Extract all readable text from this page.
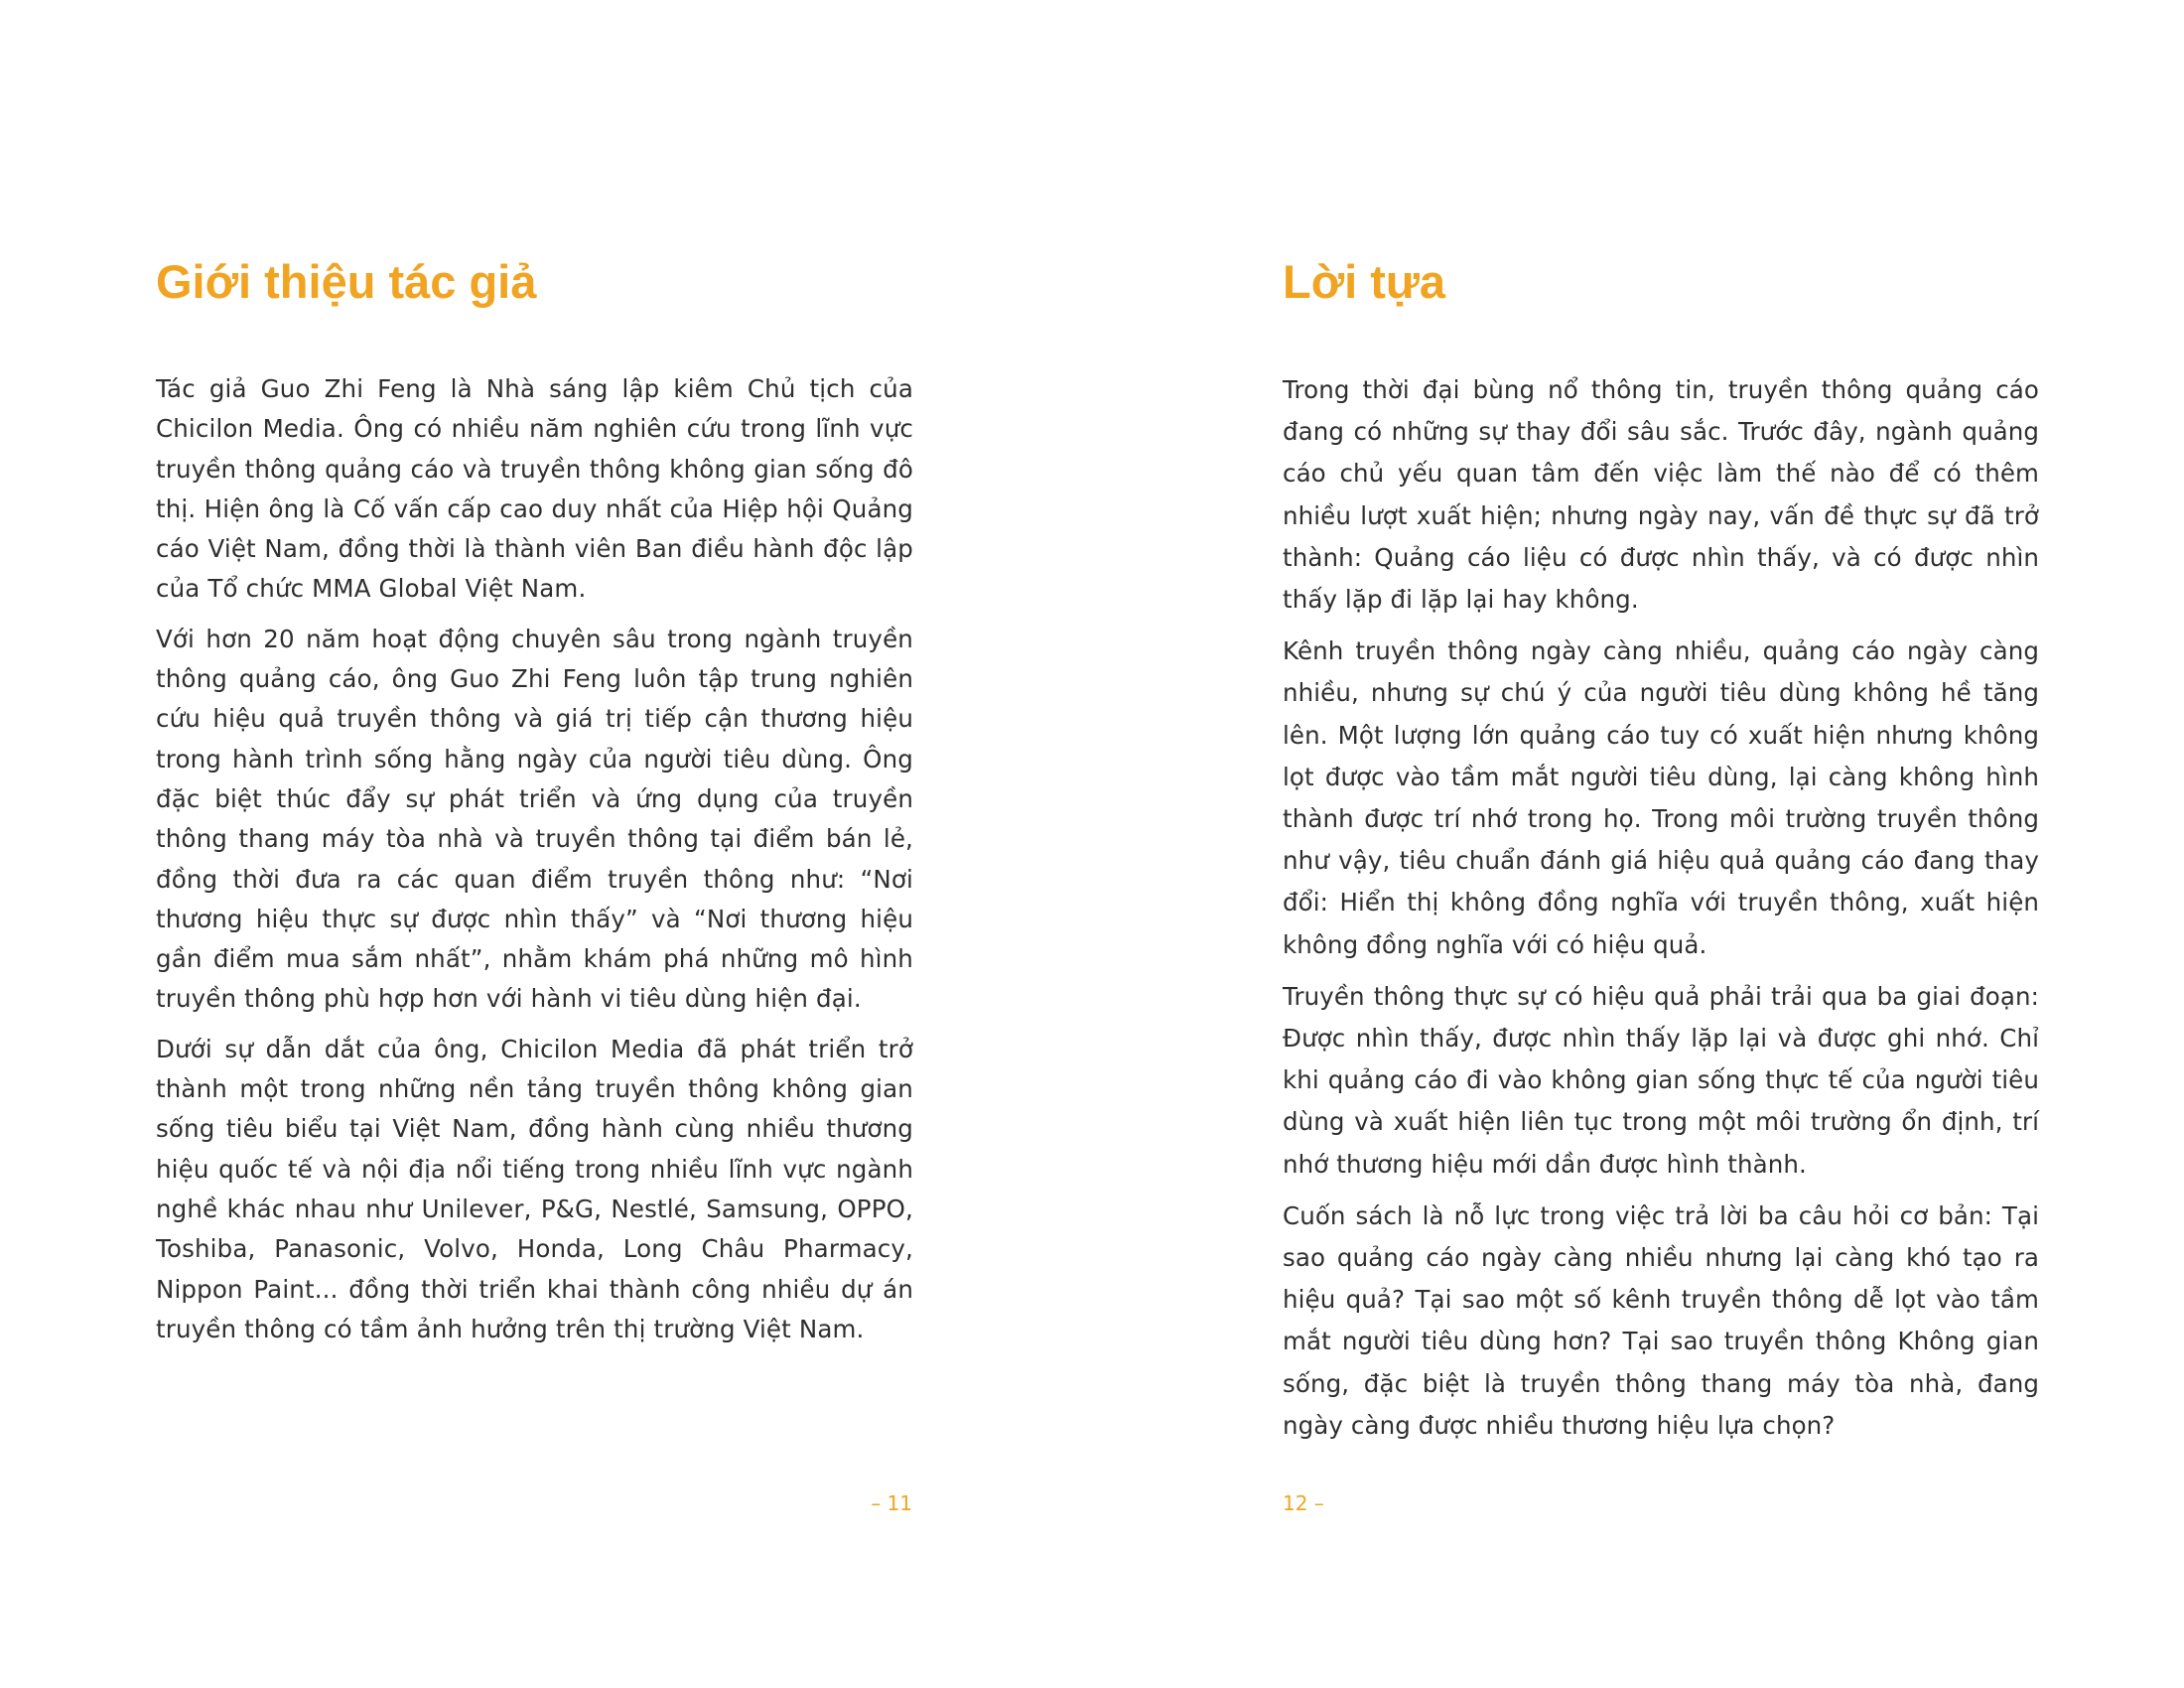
Giới thiệu tác giả

Tác giả Guo Zhi Feng là Nhà sáng lập kiêm Chủ tịch của Chicilon Media. Ông có nhiều năm nghiên cứu trong lĩnh vực truyền thông quảng cáo và truyền thông không gian sống đô thị. Hiện ông là Cố vấn cấp cao duy nhất của Hiệp hội Quảng cáo Việt Nam, đồng thời là thành viên Ban điều hành độc lập của Tổ chức MMA Global Việt Nam.

Với hơn 20 năm hoạt động chuyên sâu trong ngành truyền thông quảng cáo, ông Guo Zhi Feng luôn tập trung nghiên cứu hiệu quả truyền thông và giá trị tiếp cận thương hiệu trong hành trình sống hằng ngày của người tiêu dùng. Ông đặc biệt thúc đẩy sự phát triển và ứng dụng của truyền thông thang máy tòa nhà và truyền thông tại điểm bán lẻ, đồng thời đưa ra các quan điểm truyền thông như: “Nơi thương hiệu thực sự được nhìn thấy” và “Nơi thương hiệu gần điểm mua sắm nhất”, nhằm khám phá những mô hình truyền thông phù hợp hơn với hành vi tiêu dùng hiện đại.

Dưới sự dẫn dắt của ông, Chicilon Media đã phát triển trở thành một trong những nền tảng truyền thông không gian sống tiêu biểu tại Việt Nam, đồng hành cùng nhiều thương hiệu quốc tế và nội địa nổi tiếng trong nhiều lĩnh vực ngành nghề khác nhau như Unilever, P&G, Nestlé, Samsung, OPPO, Toshiba, Panasonic, Volvo, Honda, Long Châu Pharmacy, Nippon Paint... đồng thời triển khai thành công nhiều dự án truyền thông có tầm ảnh hưởng trên thị trường Việt Nam.

– 11
Lời tựa

Trong thời đại bùng nổ thông tin, truyền thông quảng cáo đang có những sự thay đổi sâu sắc. Trước đây, ngành quảng cáo chủ yếu quan tâm đến việc làm thế nào để có thêm nhiều lượt xuất hiện; nhưng ngày nay, vấn đề thực sự đã trở thành: Quảng cáo liệu có được nhìn thấy, và có được nhìn thấy lặp đi lặp lại hay không.

Kênh truyền thông ngày càng nhiều, quảng cáo ngày càng nhiều, nhưng sự chú ý của người tiêu dùng không hề tăng lên. Một lượng lớn quảng cáo tuy có xuất hiện nhưng không lọt được vào tầm mắt người tiêu dùng, lại càng không hình thành được trí nhớ trong họ. Trong môi trường truyền thông như vậy, tiêu chuẩn đánh giá hiệu quả quảng cáo đang thay đổi: Hiển thị không đồng nghĩa với truyền thông, xuất hiện không đồng nghĩa với có hiệu quả.

Truyền thông thực sự có hiệu quả phải trải qua ba giai đoạn: Được nhìn thấy, được nhìn thấy lặp lại và được ghi nhớ. Chỉ khi quảng cáo đi vào không gian sống thực tế của người tiêu dùng và xuất hiện liên tục trong một môi trường ổn định, trí nhớ thương hiệu mới dần được hình thành.

Cuốn sách là nỗ lực trong việc trả lời ba câu hỏi cơ bản: Tại sao quảng cáo ngày càng nhiều nhưng lại càng khó tạo ra hiệu quả? Tại sao một số kênh truyền thông dễ lọt vào tầm mắt người tiêu dùng hơn? Tại sao truyền thông Không gian sống, đặc biệt là truyền thông thang máy tòa nhà, đang ngày càng được nhiều thương hiệu lựa chọn?

12 –
